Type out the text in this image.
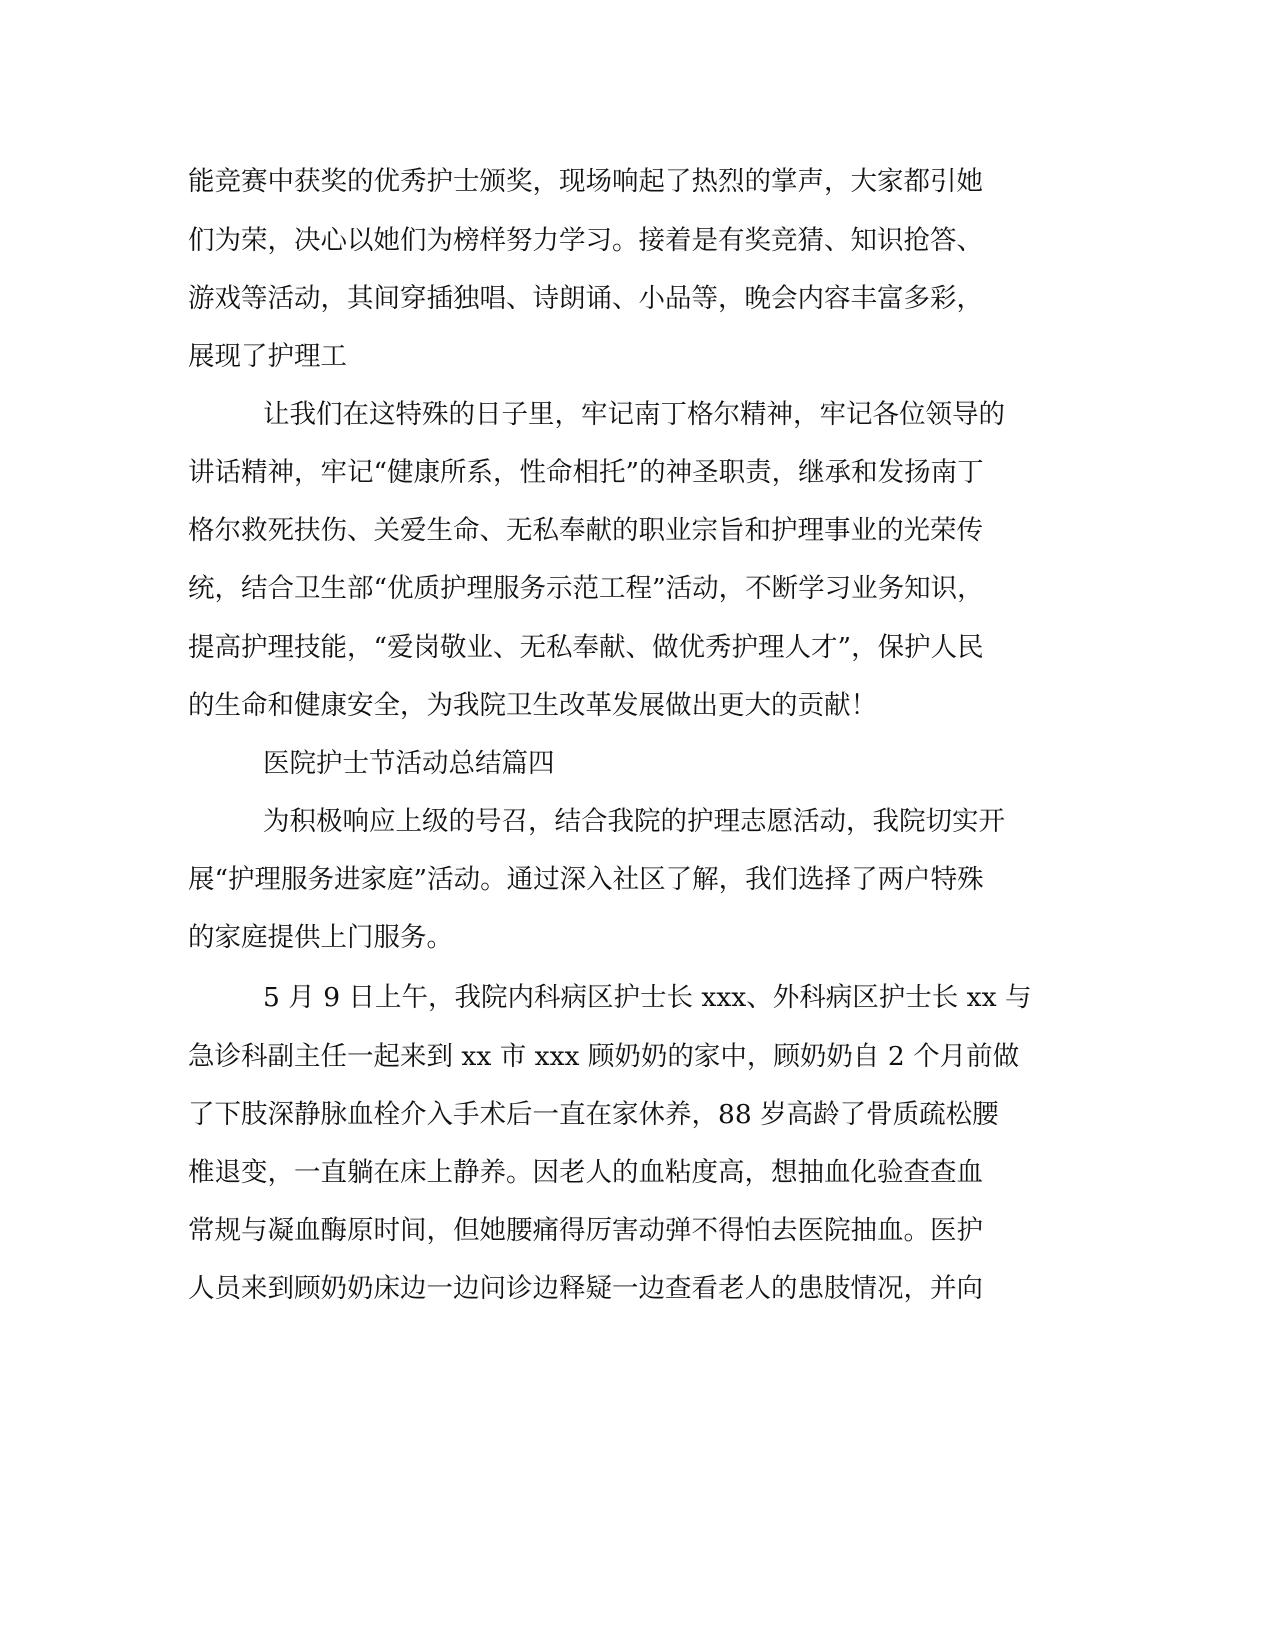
能竞赛中获奖的优秀护士颁奖，现场响起了热烈的掌声，大家都引她
们为荣，决心以她们为榜样努力学习。接着是有奖竞猜、知识抢答、
游戏等活动，其间穿插独唱、诗朗诵、小品等，晚会内容丰富多彩，
展现了护理工
让我们在这特殊的日子里，牢记南丁格尔精神，牢记各位领导的
讲话精神，牢记“健康所系，性命相托”的神圣职责，继承和发扬南丁
格尔救死扶伤、关爱生命、无私奉献的职业宗旨和护理事业的光荣传
统，结合卫生部“优质护理服务示范工程”活动，不断学习业务知识，
提高护理技能，“爱岗敬业、无私奉献、做优秀护理人才”，保护人民
的生命和健康安全，为我院卫生改革发展做出更大的贡献！
医院护士节活动总结篇四
为积极响应上级的号召，结合我院的护理志愿活动，我院切实开
展“护理服务进家庭”活动。通过深入社区了解，我们选择了两户特殊
的家庭提供上门服务。
5 月 9 日上午，我院内科病区护士长 xxx、外科病区护士长 xx 与
急诊科副主任一起来到 xx 市 xxx 顾奶奶的家中，顾奶奶自 2 个月前做
了下肢深静脉血栓介入手术后一直在家休养，88 岁高龄了骨质疏松腰
椎退变，一直躺在床上静养。因老人的血粘度高，想抽血化验查查血
常规与凝血酶原时间，但她腰痛得厉害动弹不得怕去医院抽血。医护
人员来到顾奶奶床边一边问诊边释疑一边查看老人的患肢情况，并向
